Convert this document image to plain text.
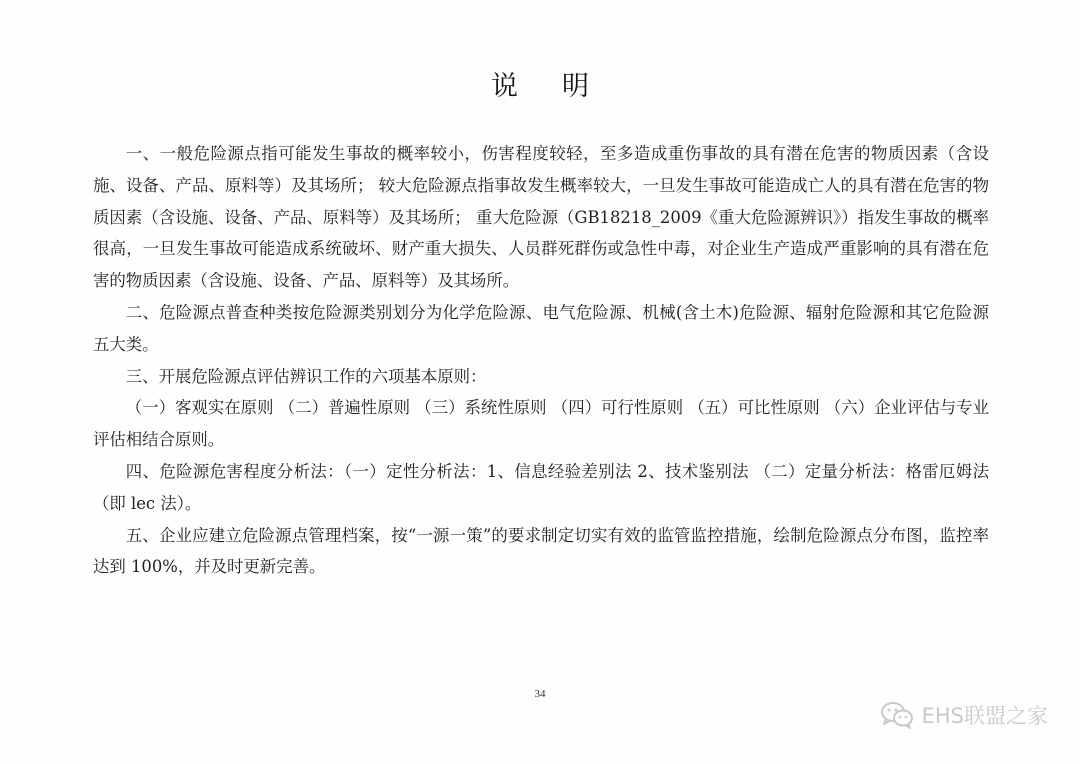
说明

一、一般危险源点指可能发生事故的概率较小，伤害程度较轻，至多造成重伤事故的具有潜在危害的物质因素（含设施、设备、产品、原料等）及其场所； 较大危险源点指事故发生概率较大，一旦发生事故可能造成亡人的具有潜在危害的物质因素（含设施、设备、产品、原料等）及其场所； 重大危险源（GB18218_2009《重大危险源辨识》）指发生事故的概率很高，一旦发生事故可能造成系统破坏、财产重大损失、人员群死群伤或急性中毒，对企业生产造成严重影响的具有潜在危害的物质因素（含设施、设备、产品、原料等）及其场所。

二、危险源点普查种类按危险源类别划分为化学危险源、电气危险源、机械(含土木)危险源、辐射危险源和其它危险源五大类。

三、开展危险源点评估辨识工作的六项基本原则：

（一）客观实在原则 （二）普遍性原则 （三）系统性原则 （四）可行性原则 （五）可比性原则 （六）企业评估与专业评估相结合原则。

四、危险源危害程度分析法：（一）定性分析法：1、信息经验差别法 2、技术鉴别法 （二）定量分析法：格雷厄姆法（即 lec 法）。

五、企业应建立危险源点管理档案，按“一源一策”的要求制定切实有效的监管监控措施，绘制危险源点分布图，监控率达到 100%，并及时更新完善。

34
EHS联盟之家
